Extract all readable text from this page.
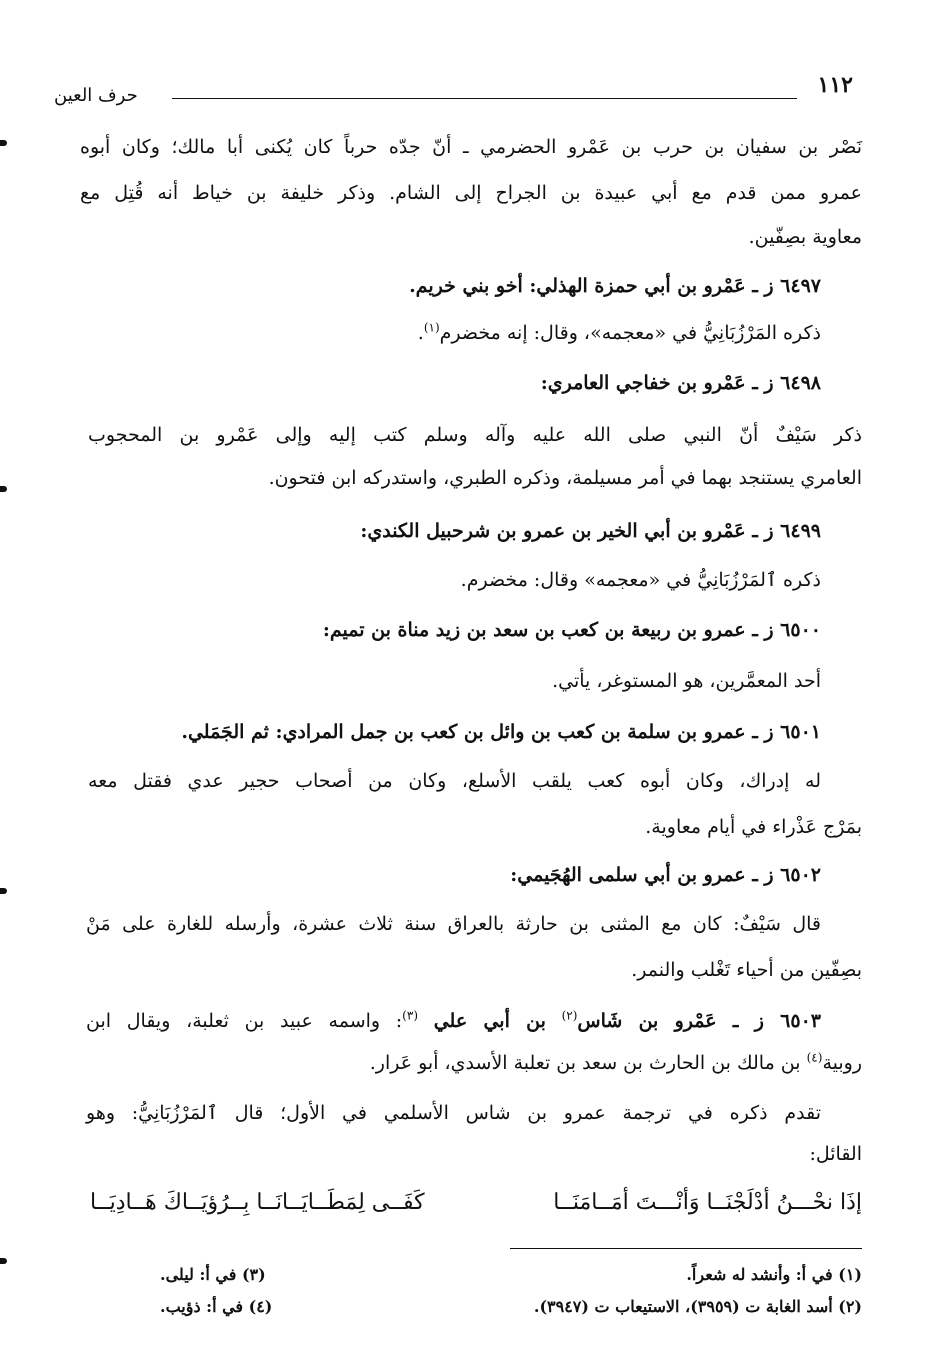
١١٢
حرف العين
نَصْر بن سفيان بن حرب بن عَمْرو الحضرمي ـ أنّ جدّه حرباً كان يُكنى أبا مالك؛ وكان أبوه
عمرو ممن قدم مع أبي عبيدة بن الجراح إلى الشام. وذكر خليفة بن خياط أنه قُتِل مع
معاوية بصِفّين.
٦٤٩٧ ز ـ عَمْرو بن أبي حمزة الهذلي: أخو بني خريم.
ذكره المَرْزُبَانِيُّ في «معجمه»، وقال: إنه مخضرم$^{(١)}$.
٦٤٩٨ ز ـ عَمْرو بن خفاجي العامري:
ذكر سَيْفٌ أنّ النبي صلى الله عليه وآله وسلم كتب إليه وإلى عَمْرو بن المحجوب
العامري يستنجد بهما في أمر مسيلمة، وذكره الطبري، واستدركه ابن فتحون.
٦٤٩٩ ز ـ عَمْرو بن أبي الخير بن عمرو بن شرحبيل الكندي:
ذكره ٱلمَرْزُبَانِيُّ في «معجمه» وقال: مخضرم.
٦٥٠٠ ز ـ عمرو بن ربيعة بن كعب بن سعد بن زيد مناة بن تميم:
أحد المعمَّرين، هو المستوغر، يأتي.
٦٥٠١ ز ـ عمرو بن سلمة بن كعب بن وائل بن كعب بن جمل المرادي: ثم الجَمَلي.
له إدراك، وكان أبوه كعب يلقب الأسلع، وكان من أصحاب حجير عدي فقتل معه
بمَرْج عَذْراء في أيام معاوية.
٦٥٠٢ ز ـ عمرو بن أبي سلمى الهُجَيمي:
قال سَيْفٌ: كان مع المثنى بن حارثة بالعراق سنة ثلاث عشرة، وأرسله للغارة على مَنْ
بصِفّين من أحياء تَغْلب والنمر.
٦٥٠٣ ز ـ عَمْرو بن شَاس$^{(٢)}$ بن أبي علي $^{(٣)}$: واسمه عبيد بن ثعلبة، ويقال ابن
روبية$^{(٤)}$ بن مالك بن الحارث بن سعد بن تعلبة الأسدي، أبو عَرار.
تقدم ذكره في ترجمة عمرو بن شاس الأسلمي في الأول؛ قال ٱلمَرْزُبَانِيُّ: وهو
القائل:
إذَا نحْـــنُ أدْلَجْنَــا وَأنْـــتَ أمَــامَنَــا
كَفَــى لِمَطَــايَــانَــا بِــرُؤيَــاكَ هَــادِيَــا
(١) في أ: وأنشد له شعراً.
(٢) أسد الغابة ت (٣٩٥٩)، الاستيعاب ت (٣٩٤٧).
(٣) في أ: ليلى.
(٤) في أ: ذؤيب.
